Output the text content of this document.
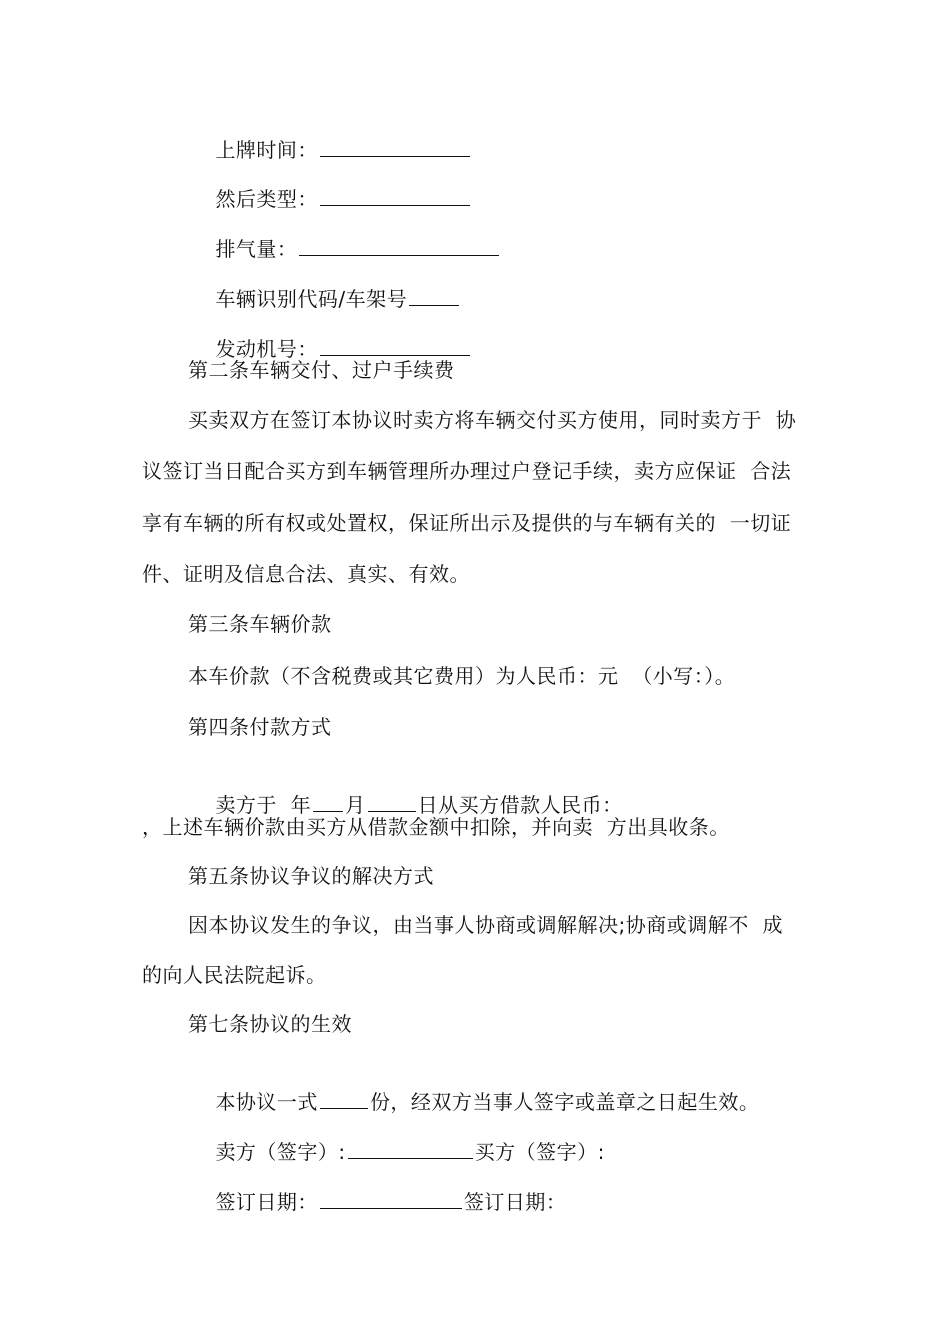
上牌时间：

然后类型：

排气量：

车辆识别代码/车架号

发动机号：

第二条车辆交付、过户手续费
买卖双方在签订本协议时卖方将车辆交付买方使用，同时卖方于  协
议签订当日配合买方到车辆管理所办理过户登记手续，卖方应保证  合法
享有车辆的所有权或处置权，保证所出示及提供的与车辆有关的  一切证
件、证明及信息合法、真实、有效。
第三条车辆价款
本车价款（不含税费或其它费用）为人民币：元  （小写：）。
第四条付款方式

卖方于  年 月	日从买方借款人民币：

，上述车辆价款由买方从借款金额中扣除，并向卖  方出具收条。
第五条协议争议的解决方式
因本协议发生的争议，由当事人协商或调解解决;协商或调解不  成
的向人民法院起诉。
第七条协议的生效

本协议一式	份，经双方当事人签字或盖章之日起生效。

卖方（签字）:	买方（签字）:

签订日期：	签订日期：
